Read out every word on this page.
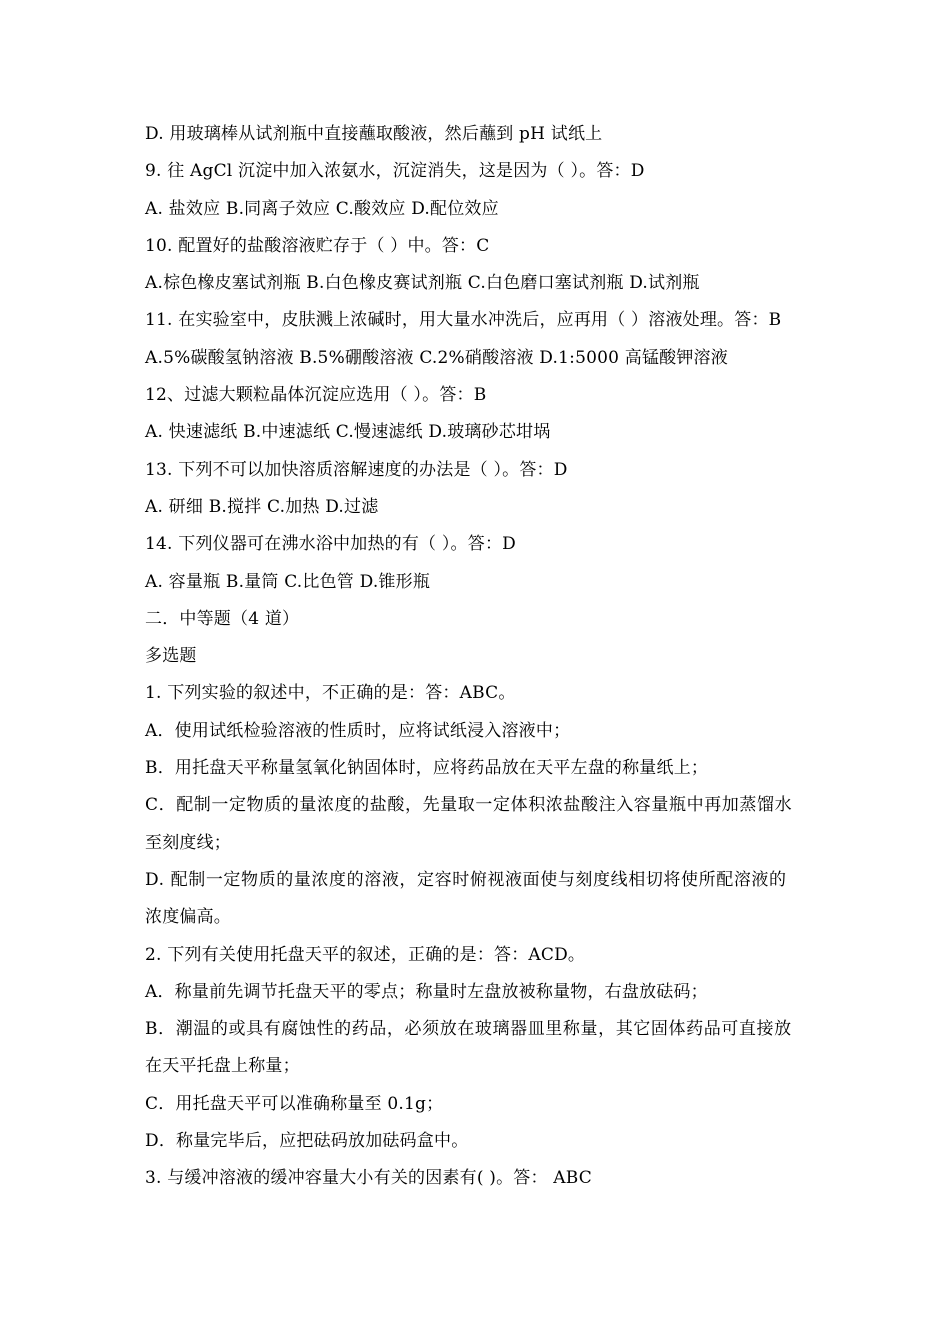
D. 用玻璃棒从试剂瓶中直接蘸取酸液，然后蘸到 pH 试纸上
9. 往 AgCl 沉淀中加入浓氨水，沉淀消失，这是因为（ ）。答：D
A. 盐效应 B.同离子效应 C.酸效应 D.配位效应
10. 配置好的盐酸溶液贮存于（ ）中。答：C
A.棕色橡皮塞试剂瓶 B.白色橡皮赛试剂瓶 C.白色磨口塞试剂瓶 D.试剂瓶
11. 在实验室中，皮肤溅上浓碱时，用大量水冲洗后，应再用（ ）溶液处理。答：B
A.5%碳酸氢钠溶液 B.5%硼酸溶液 C.2%硝酸溶液 D.1:5000 高锰酸钾溶液
12、过滤大颗粒晶体沉淀应选用（ ）。答：B
A. 快速滤纸 B.中速滤纸 C.慢速滤纸 D.玻璃砂芯坩埚
13. 下列不可以加快溶质溶解速度的办法是（ ）。答：D
A. 研细 B.搅拌 C.加热 D.过滤
14. 下列仪器可在沸水浴中加热的有（ ）。答：D
A. 容量瓶 B.量筒 C.比色管 D.锥形瓶
二．中等题（4 道）
多选题
1. 下列实验的叙述中，不正确的是：答：ABC。
A．使用试纸检验溶液的性质时，应将试纸浸入溶液中；
B．用托盘天平称量氢氧化钠固体时，应将药品放在天平左盘的称量纸上；
C．配制一定物质的量浓度的盐酸，先量取一定体积浓盐酸注入容量瓶中再加蒸馏水
至刻度线；
D. 配制一定物质的量浓度的溶液，定容时俯视液面使与刻度线相切将使所配溶液的
浓度偏高。
2. 下列有关使用托盘天平的叙述，正确的是：答：ACD。
A．称量前先调节托盘天平的零点；称量时左盘放被称量物，右盘放砝码；
B．潮温的或具有腐蚀性的药品，必须放在玻璃器皿里称量，其它固体药品可直接放
在天平托盘上称量；
C．用托盘天平可以准确称量至 0.1g；
D．称量完毕后，应把砝码放加砝码盒中。
3. 与缓冲溶液的缓冲容量大小有关的因素有( )。答： ABC
